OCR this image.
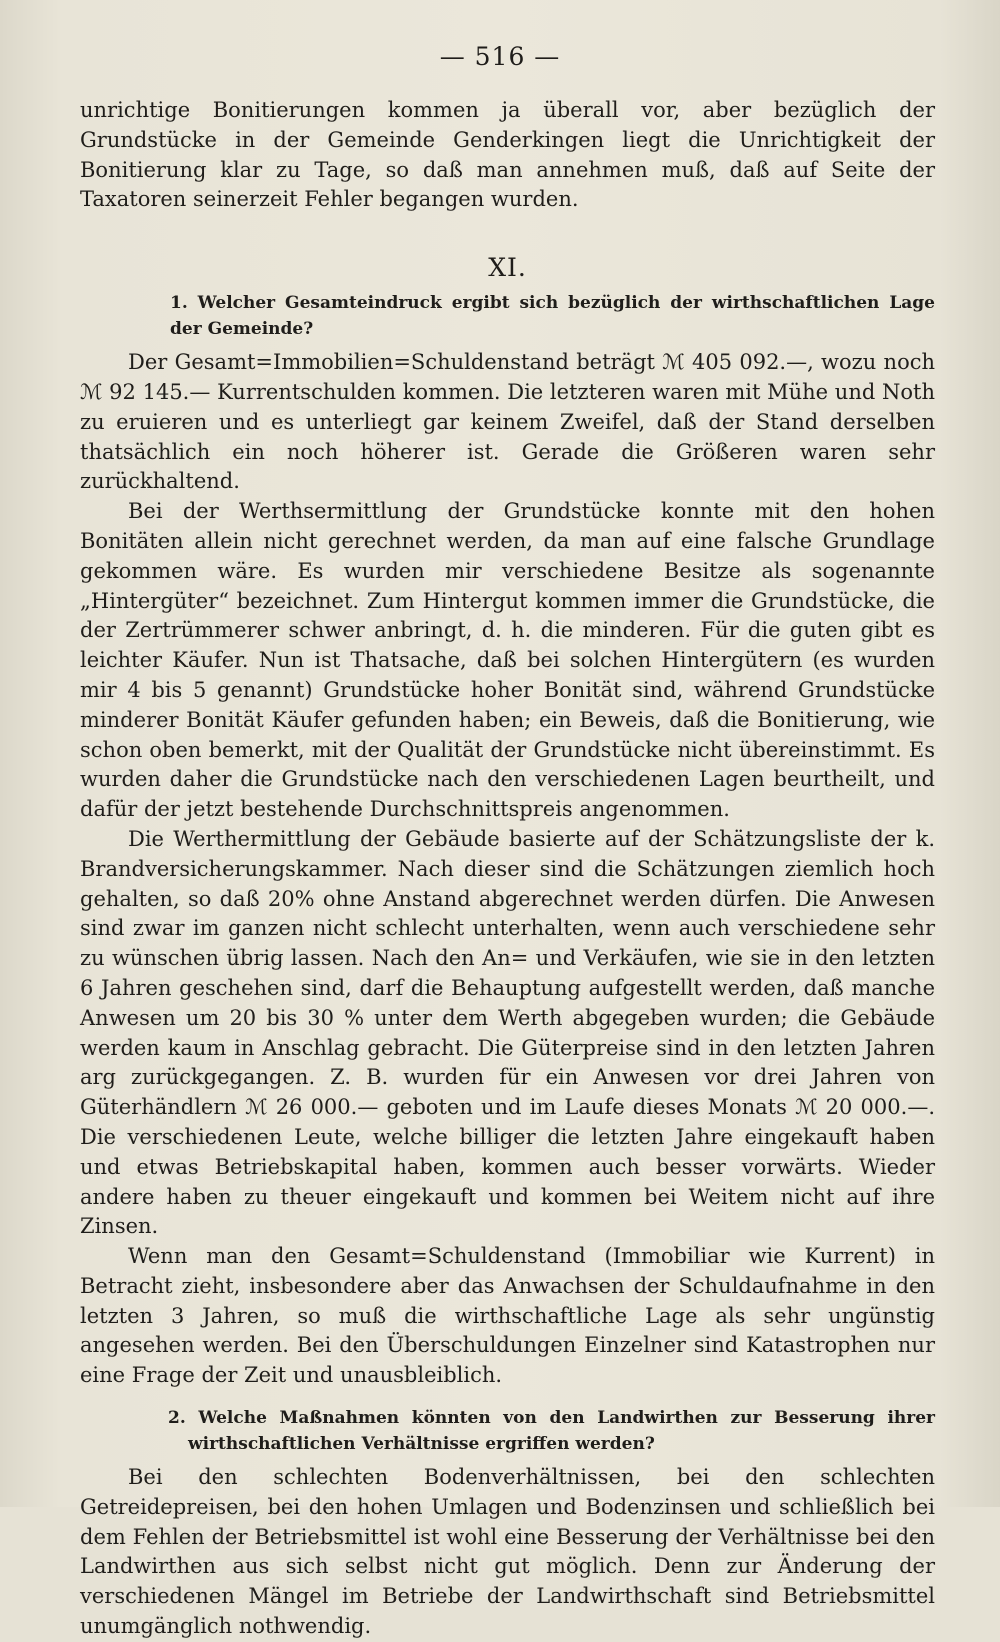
— 516 —

unrichtige Bonitierungen kommen ja überall vor, aber bezüglich der Grundstücke in der Gemeinde Genderkingen liegt die Unrichtigkeit der Bonitierung klar zu Tage, so daß man annehmen muß, daß auf Seite der Taxatoren seinerzeit Fehler begangen wurden.

XI.

1. Welcher Gesamteindruck ergibt sich bezüglich der wirthschaftlichen Lage der Gemeinde?

Der Gesamt=Immobilien=Schuldenstand beträgt ℳ 405 092.—, wozu noch ℳ 92 145.— Kurrentschulden kommen. Die letzteren waren mit Mühe und Noth zu eruieren und es unterliegt gar keinem Zweifel, daß der Stand derselben thatsächlich ein noch höherer ist. Gerade die Größeren waren sehr zurückhaltend.

Bei der Werthsermittlung der Grundstücke konnte mit den hohen Bonitäten allein nicht gerechnet werden, da man auf eine falsche Grundlage gekommen wäre. Es wurden mir verschiedene Besitze als sogenannte „Hintergüter“ bezeichnet. Zum Hintergut kommen immer die Grundstücke, die der Zertrümmerer schwer anbringt, d. h. die minderen. Für die guten gibt es leichter Käufer. Nun ist Thatsache, daß bei solchen Hintergütern (es wurden mir 4 bis 5 genannt) Grundstücke hoher Bonität sind, während Grundstücke minderer Bonität Käufer gefunden haben; ein Beweis, daß die Bonitierung, wie schon oben bemerkt, mit der Qualität der Grundstücke nicht übereinstimmt. Es wurden daher die Grundstücke nach den verschiedenen Lagen beurtheilt, und dafür der jetzt bestehende Durchschnittspreis angenommen.

Die Werthermittlung der Gebäude basierte auf der Schätzungsliste der k. Brandversicherungskammer. Nach dieser sind die Schätzungen ziemlich hoch gehalten, so daß 20% ohne Anstand abgerechnet werden dürfen. Die Anwesen sind zwar im ganzen nicht schlecht unterhalten, wenn auch verschiedene sehr zu wünschen übrig lassen. Nach den An= und Verkäufen, wie sie in den letzten 6 Jahren geschehen sind, darf die Behauptung aufgestellt werden, daß manche Anwesen um 20 bis 30 % unter dem Werth abgegeben wurden; die Gebäude werden kaum in Anschlag gebracht. Die Güterpreise sind in den letzten Jahren arg zurückgegangen. Z. B. wurden für ein Anwesen vor drei Jahren von Güterhändlern ℳ 26 000.— geboten und im Laufe dieses Monats ℳ 20 000.—. Die verschiedenen Leute, welche billiger die letzten Jahre eingekauft haben und etwas Betriebskapital haben, kommen auch besser vorwärts. Wieder andere haben zu theuer eingekauft und kommen bei Weitem nicht auf ihre Zinsen.

Wenn man den Gesamt=Schuldenstand (Immobiliar wie Kurrent) in Betracht zieht, insbesondere aber das Anwachsen der Schuldaufnahme in den letzten 3 Jahren, so muß die wirthschaftliche Lage als sehr ungünstig angesehen werden. Bei den Überschuldungen Einzelner sind Katastrophen nur eine Frage der Zeit und unausbleiblich.

2. Welche Maßnahmen könnten von den Landwirthen zur Besserung ihrer wirthschaftlichen Verhältnisse ergriffen werden?

Bei den schlechten Bodenverhältnissen, bei den schlechten Getreidepreisen, bei den hohen Umlagen und Bodenzinsen und schließlich bei dem Fehlen der Betriebsmittel ist wohl eine Besserung der Verhältnisse bei den Landwirthen aus sich selbst nicht gut möglich. Denn zur Änderung der verschiedenen Mängel im Betriebe der Landwirthschaft sind Betriebsmittel unumgänglich nothwendig.
